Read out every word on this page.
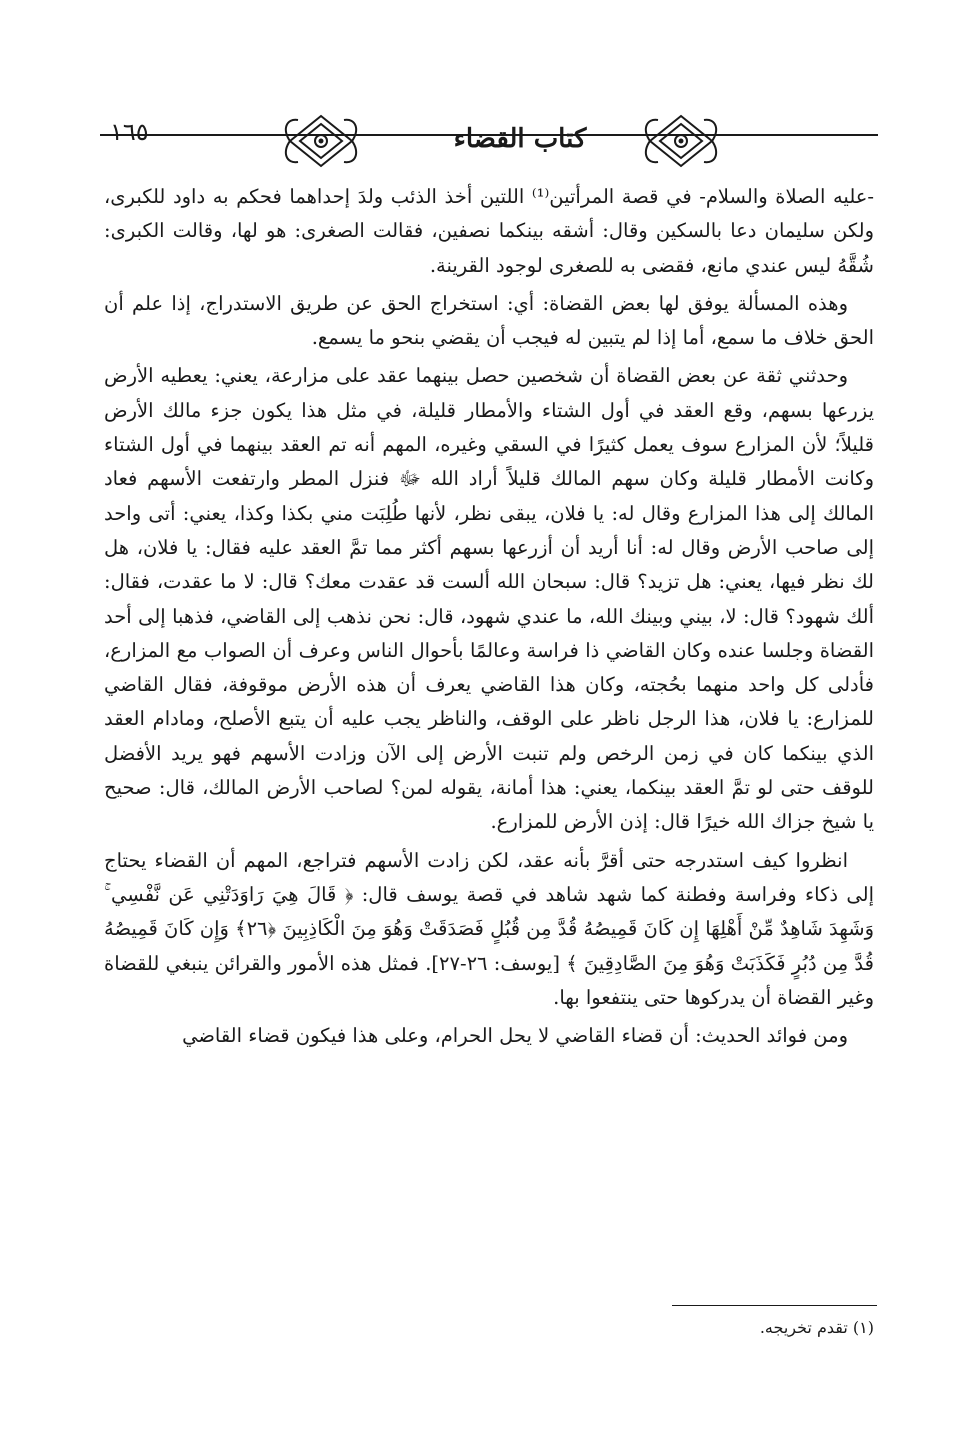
١٦٥	كتاب القضاء

-عليه الصلاة والسلام- في قصة المرأتين⁽¹⁾ اللتين أخذ الذئب ولدَ إحداهما فحكم به داود للكبرى، ولكن سليمان دعا بالسكين وقال: أشقه بينكما نصفين، فقالت الصغرى: هو لها، وقالت الكبرى: شُقَّهُ ليس عندي مانع، فقضى به للصغرى لوجود القرينة.

وهذه المسألة يوفق لها بعض القضاة: أي: استخراج الحق عن طريق الاستدراج، إذا علم أن الحق خلاف ما سمع، أما إذا لم يتبين له فيجب أن يقضي بنحو ما يسمع.

وحدثني ثقة عن بعض القضاة أن شخصين حصل بينهما عقد على مزارعة، يعني: يعطيه الأرض يزرعها بسهم، وقع العقد في أول الشتاء والأمطار قليلة، في مثل هذا يكون جزء مالك الأرض قليلاً؛ لأن المزارع سوف يعمل كثيرًا في السقي وغيره، المهم أنه تم العقد بينهما في أول الشتاء وكانت الأمطار قليلة وكان سهم المالك قليلاً أراد الله ﷻ فنزل المطر وارتفعت الأسهم فعاد المالك إلى هذا المزارع وقال له: يا فلان، يبقى نظر، لأنها طُلِبَت مني بكذا وكذا، يعني: أتى واحد إلى صاحب الأرض وقال له: أنا أريد أن أزرعها بسهم أكثر مما تمَّ العقد عليه فقال: يا فلان، هل لك نظر فيها، يعني: هل تزيد؟ قال: سبحان الله ألست قد عقدت معك؟ قال: لا ما عقدت، فقال: ألك شهود؟ قال: لا، بيني وبينك الله، ما عندي شهود، قال: نحن نذهب إلى القاضي، فذهبا إلى أحد القضاة وجلسا عنده وكان القاضي ذا فراسة وعالمًا بأحوال الناس وعرف أن الصواب مع المزارع، فأدلى كل واحد منهما بحُجته، وكان هذا القاضي يعرف أن هذه الأرض موقوفة، فقال القاضي للمزارع: يا فلان، هذا الرجل ناظر على الوقف، والناظر يجب عليه أن يتبع الأصلح، ومادام العقد الذي بينكما كان في زمن الرخص ولم تنبت الأرض إلى الآن وزادت الأسهم فهو يريد الأفضل للوقف حتى لو تمَّ العقد بينكما، يعني: هذا أمانة، يقوله لمن؟ لصاحب الأرض المالك، قال: صحيح يا شيخ جزاك الله خيرًا قال: إذن الأرض للمزارع.

انظروا كيف استدرجه حتى أقرَّ بأنه عقد، لكن زادت الأسهم فتراجع، المهم أن القضاء يحتاج إلى ذكاء وفراسة وفطنة كما شهد شاهد في قصة يوسف قال: ﴿ قَالَ هِيَ رَاوَدَتْنِي عَن نَّفْسِي ۚ وَشَهِدَ شَاهِدٌ مِّنْ أَهْلِهَا إِن كَانَ قَمِيصُهُ قُدَّ مِن قُبُلٍ فَصَدَقَتْ وَهُوَ مِنَ الْكَاذِبِينَ ﴿٢٦﴾ وَإِن كَانَ قَمِيصُهُ قُدَّ مِن دُبُرٍ فَكَذَبَتْ وَهُوَ مِنَ الصَّادِقِينَ ﴾ [يوسف: ٢٦-٢٧]. فمثل هذه الأمور والقرائن ينبغي للقضاة وغير القضاة أن يدركوها حتى ينتفعوا بها.

ومن فوائد الحديث: أن قضاء القاضي لا يحل الحرام، وعلى هذا فيكون قضاء القاضي

(١) تقدم تخريجه.
